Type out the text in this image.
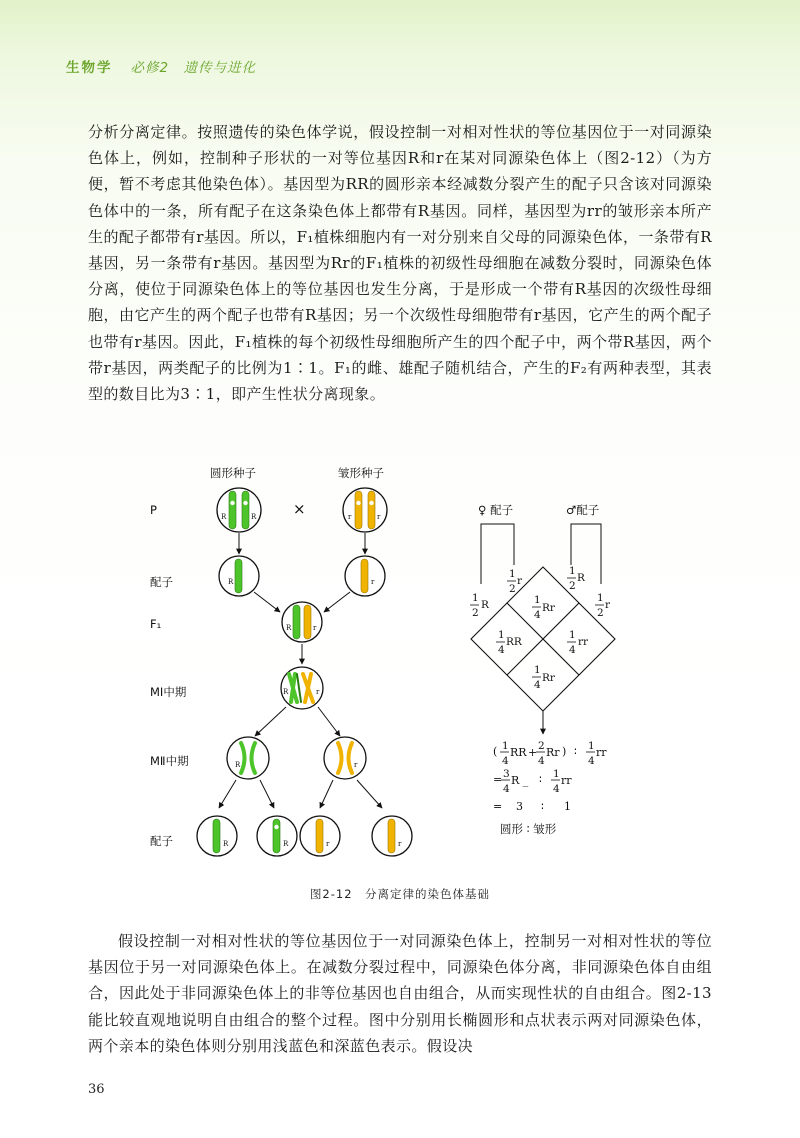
生物学 必修2　遗传与进化

分析分离定律。按照遗传的染色体学说，假设控制一对相对性状的等位基因位于一对同源染色体上，例如，控制种子形状的一对等位基因R和r在某对同源染色体上（图2-12）（为方便，暂不考虑其他染色体）。基因型为RR的圆形亲本经减数分裂产生的配子只含该对同源染色体中的一条，所有配子在这条染色体上都带有R基因。同样，基因型为rr的皱形亲本所产生的配子都带有r基因。所以，F₁植株细胞内有一对分别来自父母的同源染色体，一条带有R基因，另一条带有r基因。基因型为Rr的F₁植株的初级性母细胞在减数分裂时，同源染色体分离，使位于同源染色体上的等位基因也发生分离，于是形成一个带有R基因的次级性母细胞，由它产生的两个配子也带有R基因；另一个次级性母细胞带有r基因，它产生的两个配子也带有r基因。因此，F₁植株的每个初级性母细胞所产生的四个配子中，两个带R基因，两个带r基因，两类配子的比例为1∶1。F₁的雌、雄配子随机结合，产生的F₂有两种表型，其表型的数目比为3∶1，即产生性状分离现象。

圆形种子	皱形种子
P	×
配子
F₁
MⅠ中期
MⅡ中期
配子
R	R	r	r
R	r
R	r
R	r
R	r
R	R	r	r
♀ 配子	♂配子
1
2
R
1
2
r
1
2
R
1
2
r
1
4
Rr
1
4
RR
1
4
rr
1
4
Rr
( 1
4
RR + 2
4
Rr ) ∶ 1
4
rr
= 3
4
R _ ∶ 1
4
rr
= 3 ∶ 1
圆形 ∶ 皱形
图2-12　分离定律的染色体基础

假设控制一对相对性状的等位基因位于一对同源染色体上，控制另一对相对性状的等位基因位于另一对同源染色体上。在减数分裂过程中，同源染色体分离，非同源染色体自由组合，因此处于非同源染色体上的非等位基因也自由组合，从而实现性状的自由组合。图2-13能比较直观地说明自由组合的整个过程。图中分别用长椭圆形和点状表示两对同源染色体，两个亲本的染色体则分别用浅蓝色和深蓝色表示。假设决

36
